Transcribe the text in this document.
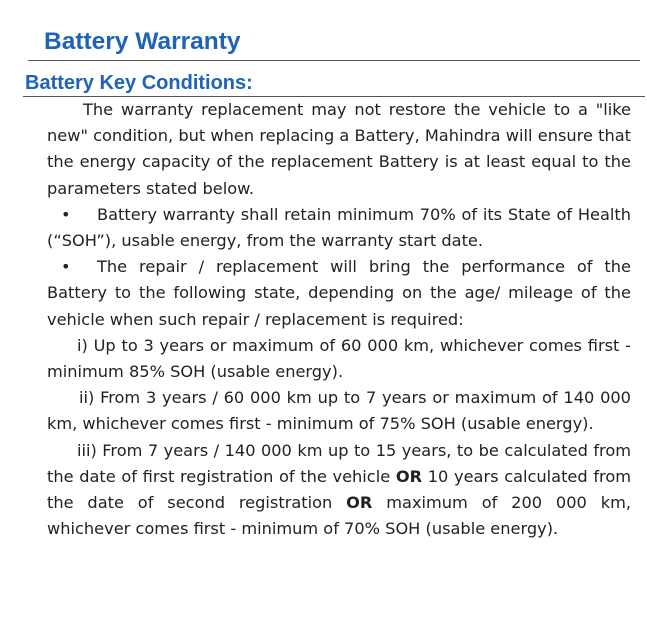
Battery Warranty
Battery Key Conditions:

The warranty replacement may not restore the vehicle to a "like new" condition, but when replacing a Battery, Mahindra will ensure that the energy capacity of the replacement Battery is at least equal to the parameters stated below.

• Battery warranty shall retain minimum 70% of its State of Health (“SOH”), usable energy, from the warranty start date.

• The repair / replacement will bring the performance of the Battery to the following state, depending on the age/ mileage of the vehicle when such repair / replacement is required:

i) Up to 3 years or maximum of 60 000 km, whichever comes first - minimum 85% SOH (usable energy).

ii) From 3 years / 60 000 km up to 7 years or maximum of 140 000 km, whichever comes first - minimum of 75% SOH (usable energy).

iii) From 7 years / 140 000 km up to 15 years, to be calculated from the date of first registration of the vehicle OR 10 years calculated from the date of second registration OR maximum of 200 000 km, whichever comes first - minimum of 70% SOH (usable energy).
